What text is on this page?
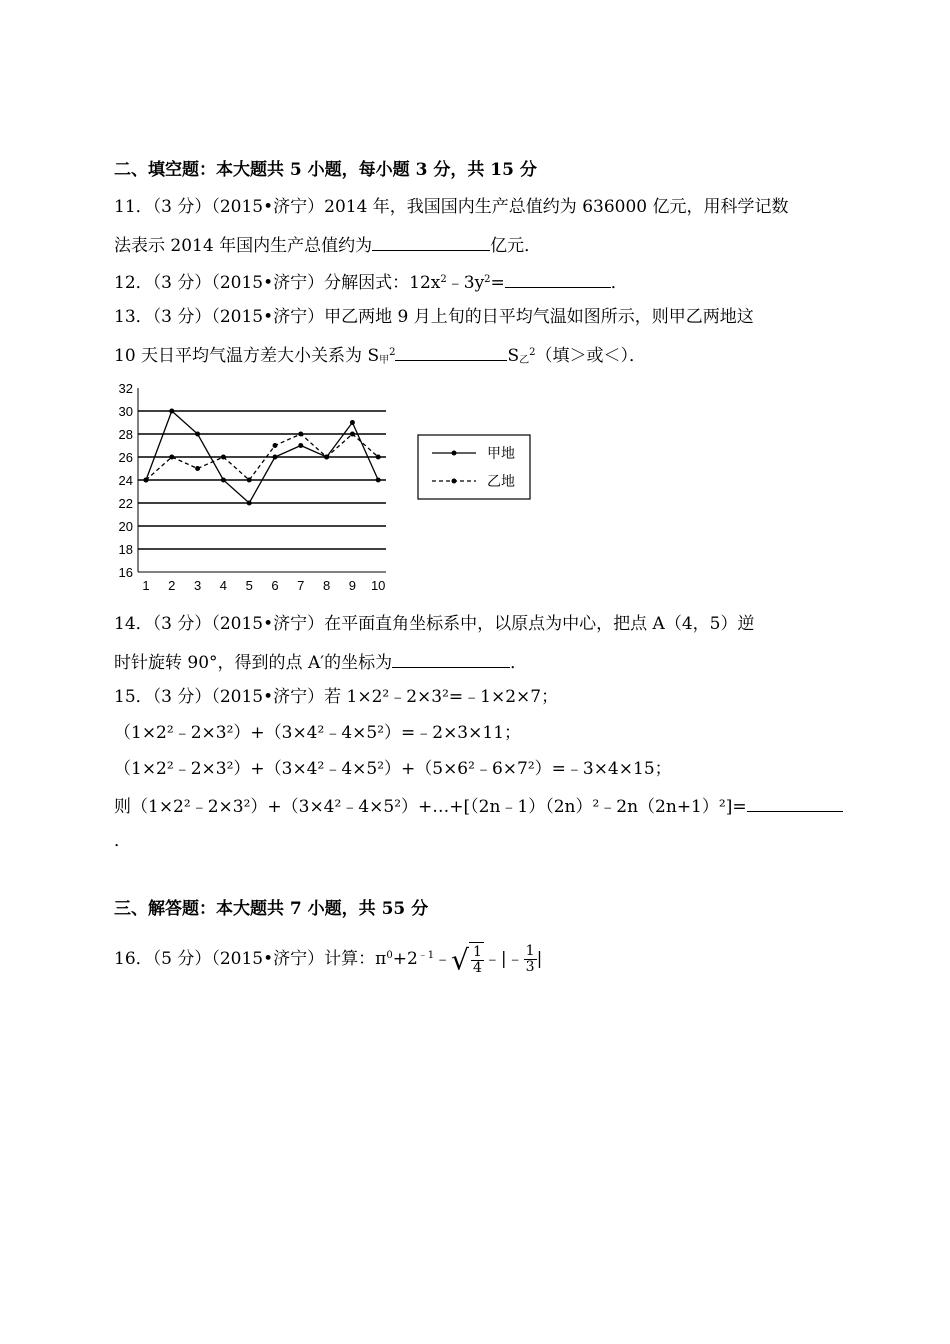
二、填空题：本大题共 5 小题，每小题 3 分，共 15 分
11．（3 分）（2015•济宁）2014 年，我国国内生产总值约为 636000 亿元，用科学记数
法表示 2014 年国内生产总值约为	亿元．
12．（3 分）（2015•济宁）分解因式：$12x^2﹣3y^2=$	．
13．（3 分）（2015•济宁）甲乙两地 9 月上旬的日平均气温如图所示，则甲乙两地这
10 天日平均气温方差大小关系为 $S_甲^2$	$S_乙^2$（填＞或＜）．
16
18
20
22
24
26
28
30
32
1 2 3 4 5 6 7 8 9 10
甲地
乙地
14．（3 分）（2015•济宁）在平面直角坐标系中，以原点为中心，把点 A（4，5）逆
时针旋转 90°，得到的点 A′的坐标为	．
15．（3 分）（2015•济宁）若 1×2²﹣2×3²=﹣1×2×7；
（1×2²﹣2×3²）+（3×4²﹣4×5²）=﹣2×3×11；
（1×2²﹣2×3²）+（3×4²﹣4×5²）+（5×6²﹣6×7²）=﹣3×4×15；
则（1×2²﹣2×3²）+（3×4²﹣4×5²）+…+[（2n﹣1）（2n）²﹣2n（2n+1）²]=
．
三、解答题：本大题共 7 小题，共 55 分
16．（5 分）（2015•济宁）计算：$\pi^0+2^{﹣1}﹣√ \frac{1}{4}$ ﹣|﹣ $\frac{1}{3}$ |
